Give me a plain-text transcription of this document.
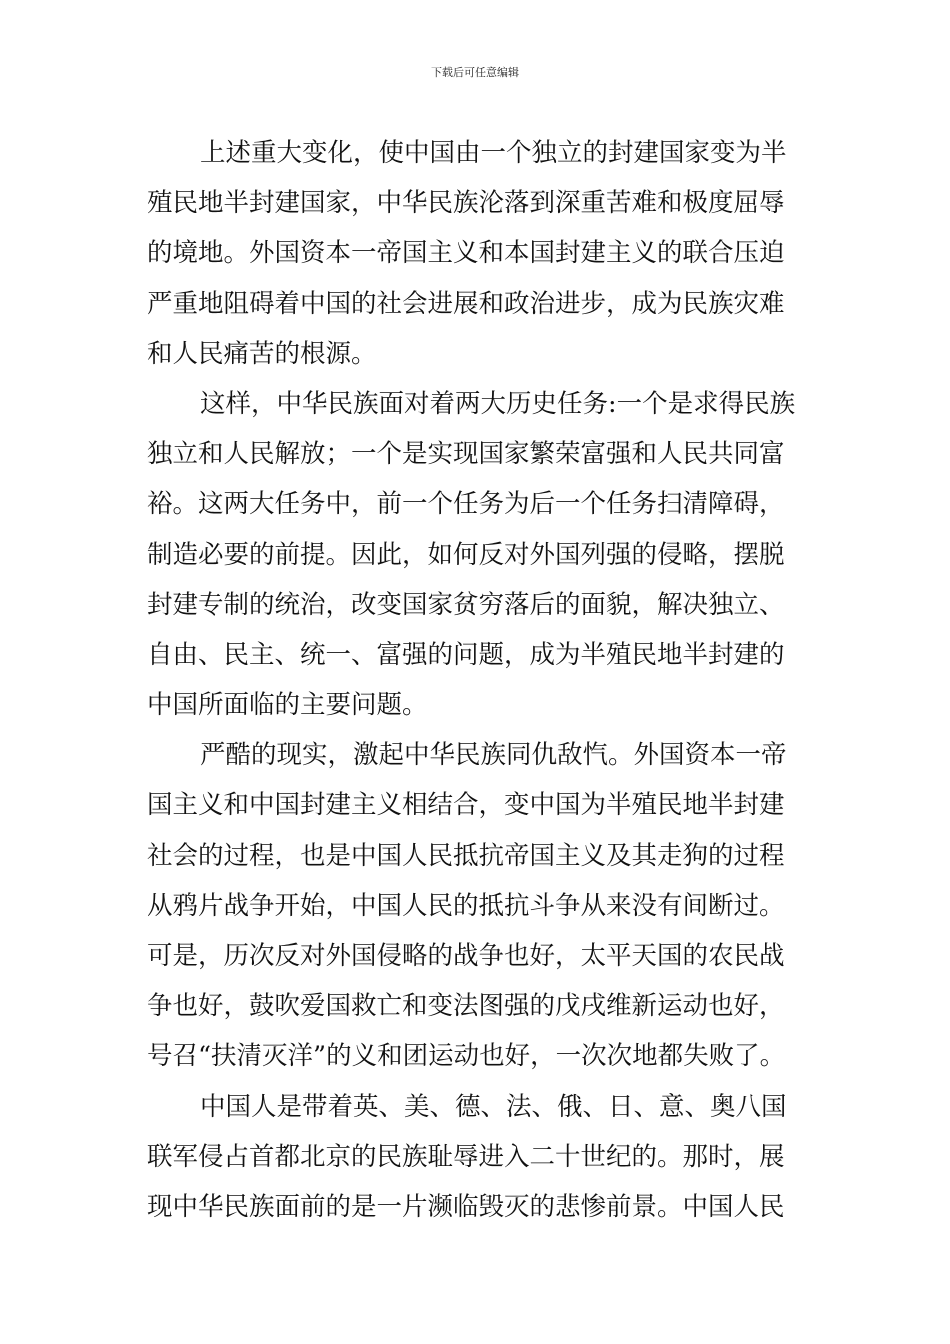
下载后可任意编辑
上述重大变化，使中国由一个独立的封建国家变为半
殖民地半封建国家，中华民族沦落到深重苦难和极度屈辱
的境地。外国资本一帝国主义和本国封建主义的联合压迫
严重地阻碍着中国的社会进展和政治进步，成为民族灾难
和人民痛苦的根源。
这样，中华民族面对着两大历史任务:一个是求得民族
独立和人民解放；一个是实现国家繁荣富强和人民共同富
裕。这两大任务中，前一个任务为后一个任务扫清障碍，
制造必要的前提。因此，如何反对外国列强的侵略，摆脱
封建专制的统治，改变国家贫穷落后的面貌，解决独立、
自由、民主、统一、富强的问题，成为半殖民地半封建的
中国所面临的主要问题。
严酷的现实，激起中华民族同仇敌忾。外国资本一帝
国主义和中国封建主义相结合，变中国为半殖民地半封建
社会的过程，也是中国人民抵抗帝国主义及其走狗的过程
从鸦片战争开始，中国人民的抵抗斗争从来没有间断过。
可是，历次反对外国侵略的战争也好，太平天国的农民战
争也好，鼓吹爱国救亡和变法图强的戊戌维新运动也好，
号召“扶清灭洋”的义和团运动也好，一次次地都失败了。
中国人是带着英、美、德、法、俄、日、意、奥八国
联军侵占首都北京的民族耻辱进入二十世纪的。那时，展
现中华民族面前的是一片濒临毁灭的悲惨前景。中国人民
